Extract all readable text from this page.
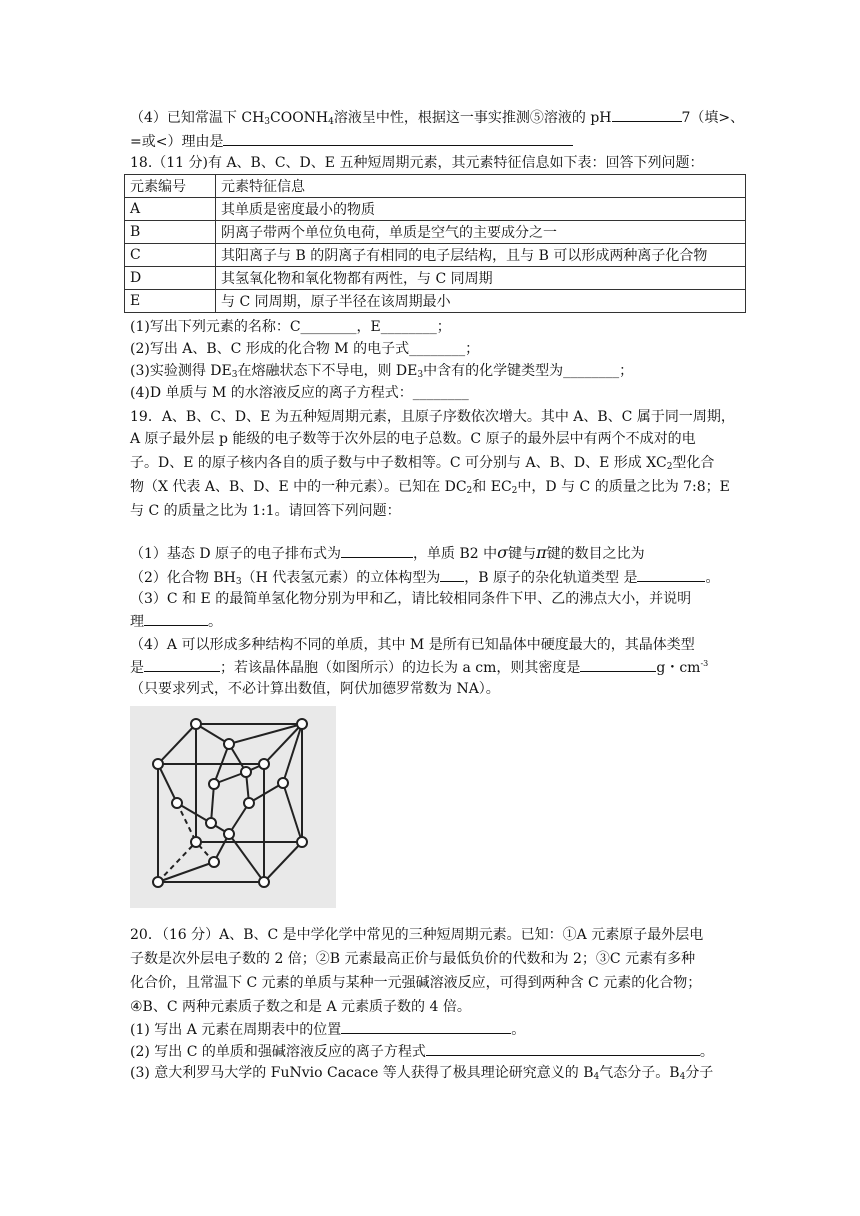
（4）已知常温下 $CH_3COONH_4$溶液呈中性，根据这一事实推测⑤溶液的 pH	7（填>、
=或<）理由是
18.（11 分)有 A、B、C、D、E 五种短周期元素，其元素特征信息如下表：回答下列问题：
元素编号	元素特征信息
A	其单质是密度最小的物质
B	阴离子带两个单位负电荷，单质是空气的主要成分之一
C	其阳离子与 B 的阴离子有相同的电子层结构，且与 B 可以形成两种离子化合物
D	其氢氧化物和氧化物都有两性，与 C 同周期
E	与 C 同周期，原子半径在该周期最小
(1)写出下列元素的名称：C________，E________；
(2)写出 A、B、C 形成的化合物 M 的电子式________；
(3)实验测得 $DE_3$在熔融状态下不导电，则 $DE_3$中含有的化学键类型为________；
(4)D 单质与 M 的水溶液反应的离子方程式：________
19．A、B、C、D、E 为五种短周期元素，且原子序数依次增大。其中 A、B、C 属于同一周期，
A 原子最外层 p 能级的电子数等于次外层的电子总数。C 原子的最外层中有两个不成对的电
子。D、E 的原子核内各自的质子数与中子数相等。C 可分别与 A、B、D、E 形成 $XC_2$型化合
物（X 代表 A、B、D、E 中的一种元素）。已知在 $DC_2$和 $EC_2$中，D 与 C 的质量之比为 7:8；E
与 C 的质量之比为 1:1。请回答下列问题：
（1）基态 D 原子的电子排布式为	，单质 B2 中σ键与π键的数目之比为
（2）化合物 $BH_3(H$ 代表氢元素）的立体构型为 ，B 原子的杂化轨道类型 是	。
（3）C 和 E 的最简单氢化物分别为甲和乙，请比较相同条件下甲、乙的沸点大小，并说明
理	。
（4）A 可以形成多种结构不同的单质，其中 M 是所有已知晶体中硬度最大的，其晶体类型
是	；若该晶体晶胞（如图所示）的边长为 a cm，则其密度是	g・$cm^{-3}$
（只要求列式，不必计算出数值，阿伏加德罗常数为 NA）。
20．（16 分）A、B、C 是中学化学中常见的三种短周期元素。已知：①A 元素原子最外层电
子数是次外层电子数的 2 倍；②B 元素最高正价与最低负价的代数和为 2；③C 元素有多种
化合价，且常温下 C 元素的单质与某种一元强碱溶液反应，可得到两种含 C 元素的化合物；
④B、C 两种元素质子数之和是 A 元素质子数的 4 倍。
(1) 写出 A 元素在周期表中的位置	。
(2) 写出 C 的单质和强碱溶液反应的离子方程式	。
(3) 意大利罗马大学的 FuNvio Cacace 等人获得了极具理论研究意义的 $B_4$气态分子。$B_4$分子
